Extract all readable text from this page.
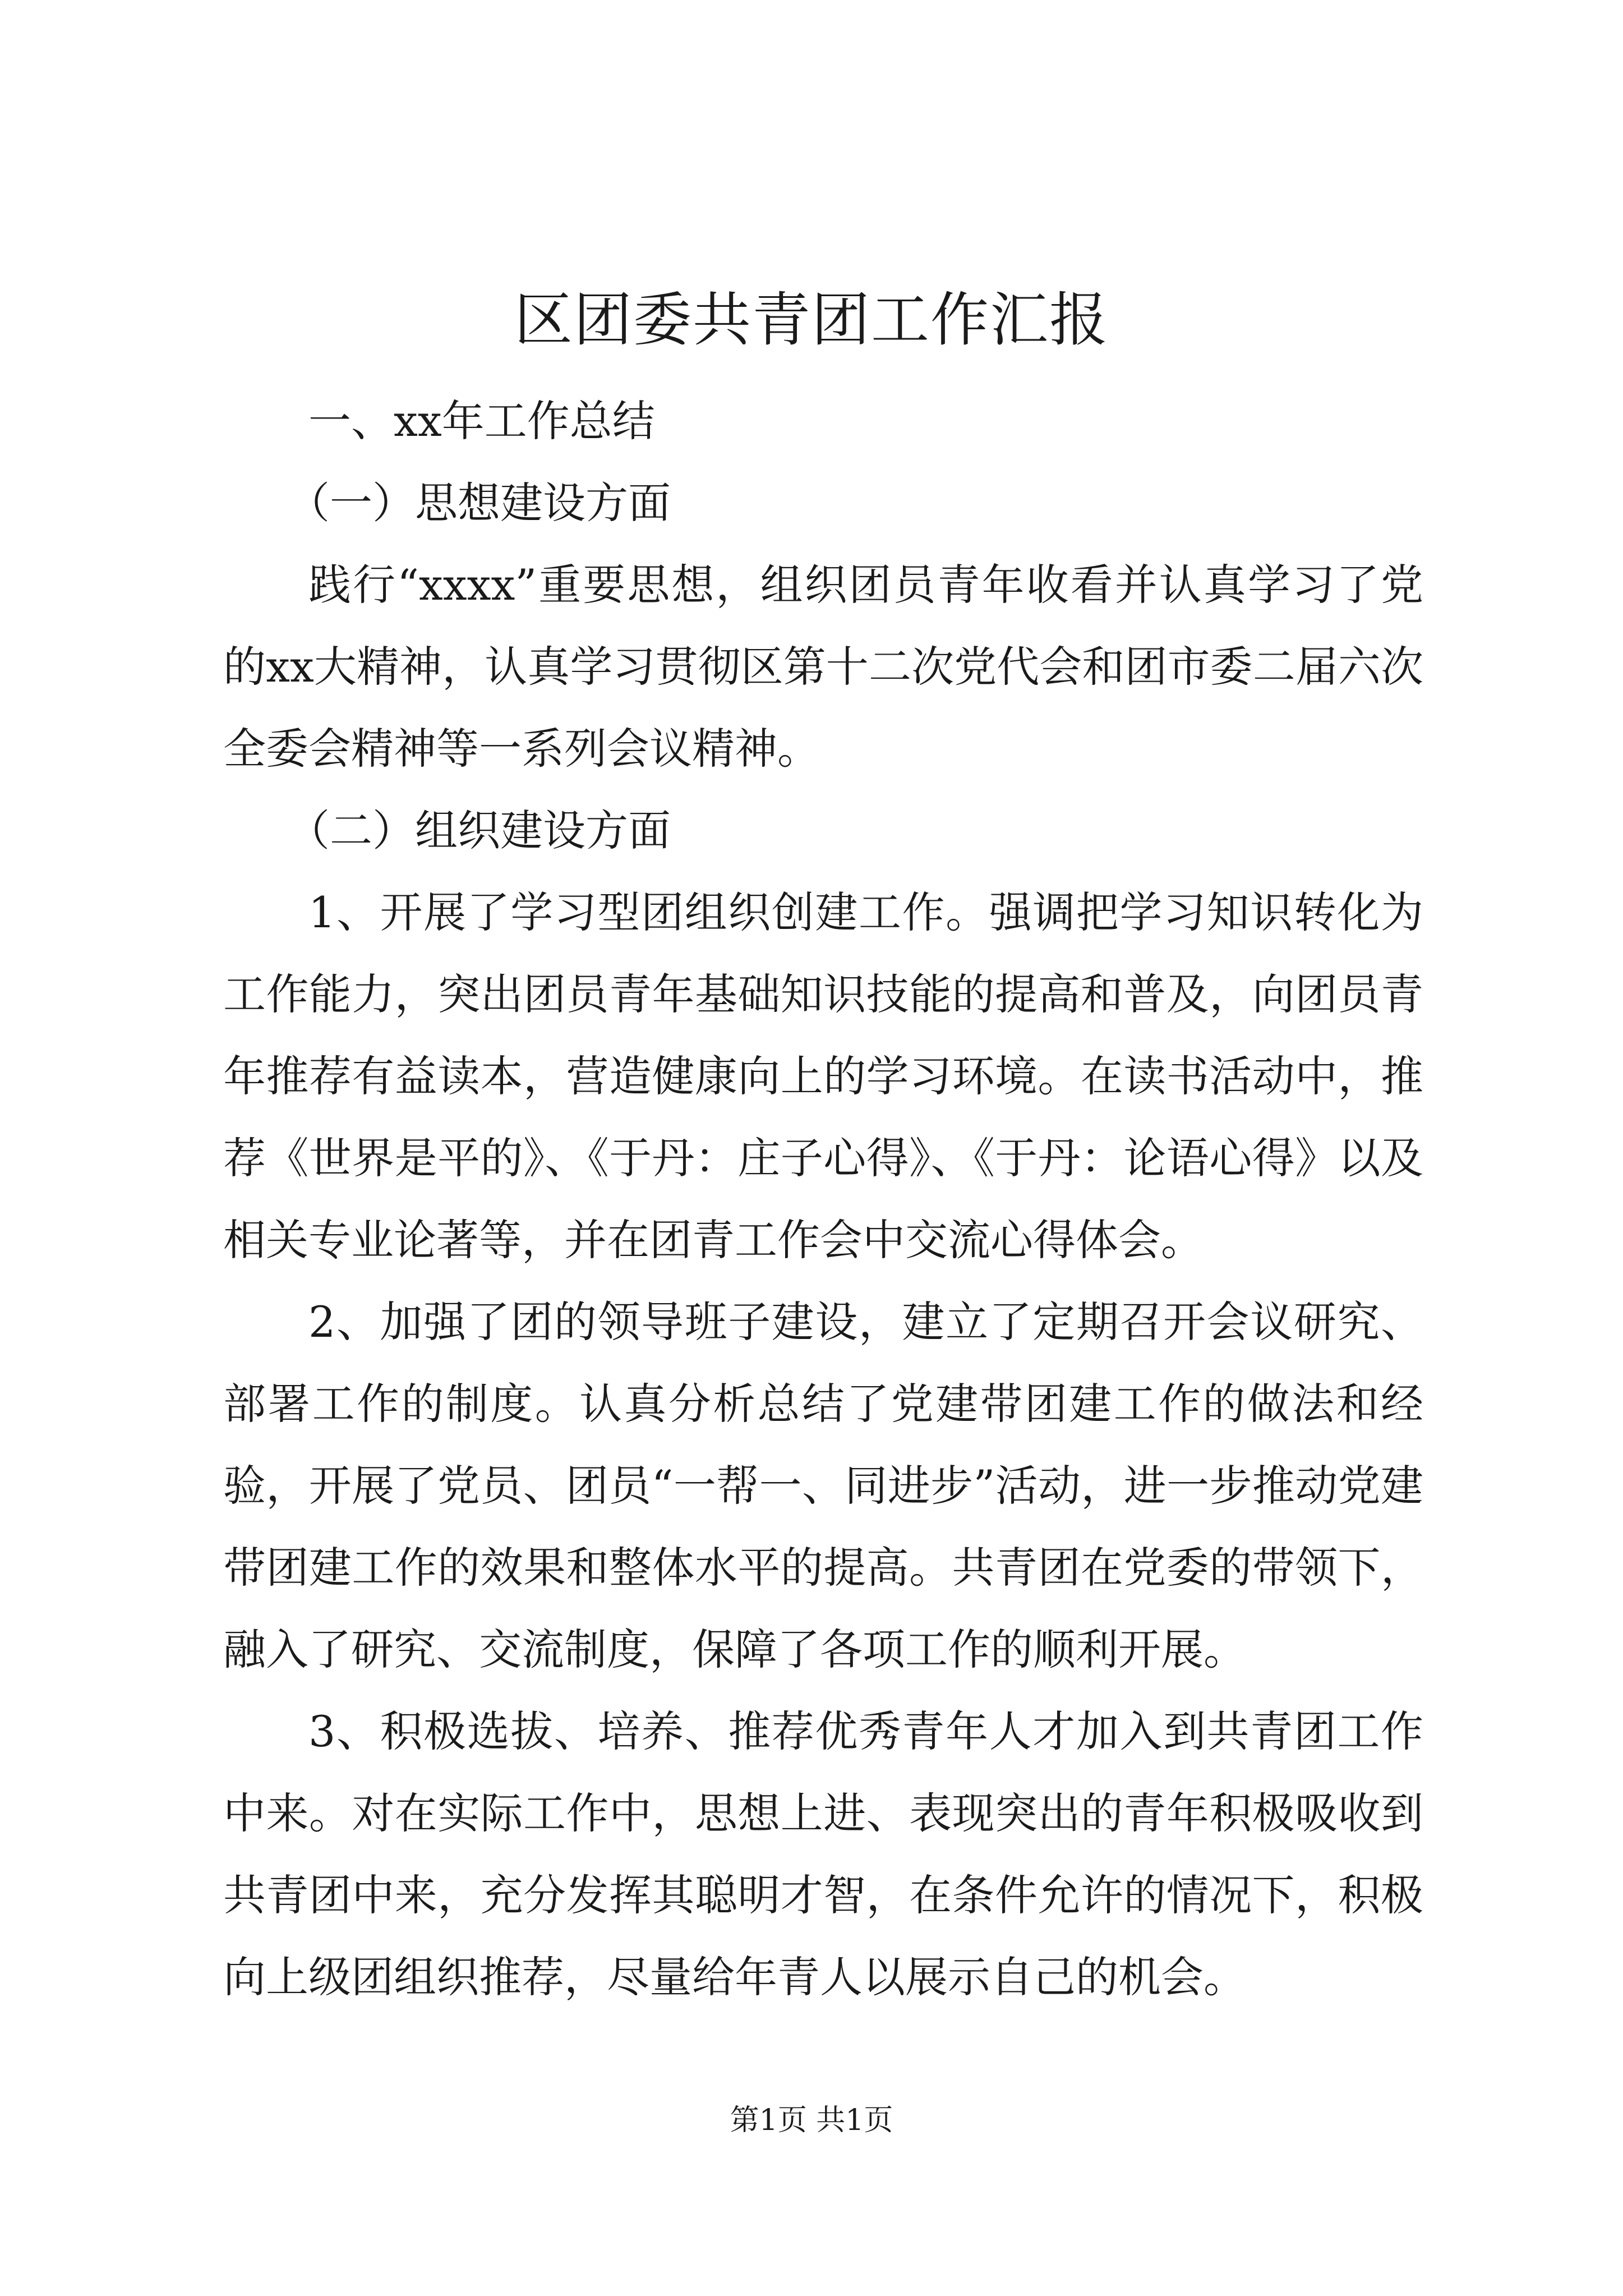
区团委共青团工作汇报

一、xx年工作总结

（一）思想建设方面

践行“xxxx”重要思想，组织团员青年收看并认真学习了党的xx大精神，认真学习贯彻区第十二次党代会和团市委二届六次全委会精神等一系列会议精神。

（二）组织建设方面

1、开展了学习型团组织创建工作。强调把学习知识转化为工作能力，突出团员青年基础知识技能的提高和普及，向团员青年推荐有益读本，营造健康向上的学习环境。在读书活动中，推荐《世界是平的》、《于丹：庄子心得》、《于丹：论语心得》以及相关专业论著等，并在团青工作会中交流心得体会。

2、加强了团的领导班子建设，建立了定期召开会议研究、部署工作的制度。认真分析总结了党建带团建工作的做法和经验，开展了党员、团员“一帮一、同进步”活动，进一步推动党建带团建工作的效果和整体水平的提高。共青团在党委的带领下，融入了研究、交流制度，保障了各项工作的顺利开展。

3、积极选拔、培养、推荐优秀青年人才加入到共青团工作中来。对在实际工作中，思想上进、表现突出的青年积极吸收到共青团中来，充分发挥其聪明才智，在条件允许的情况下，积极向上级团组织推荐，尽量给年青人以展示自己的机会。

第1页 共1页
